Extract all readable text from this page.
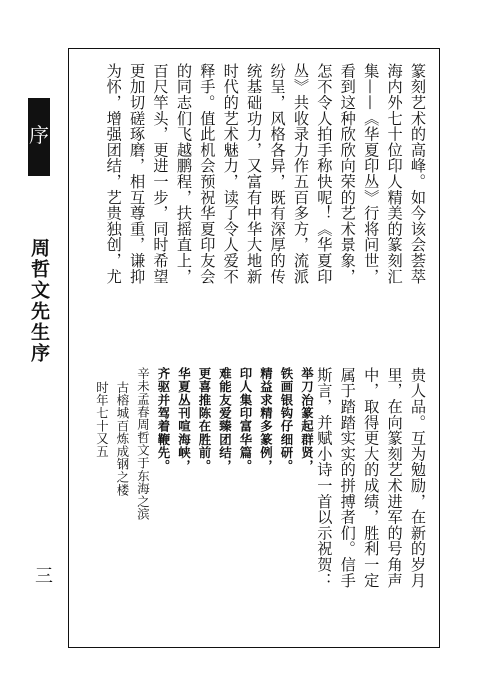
序
周哲文先生序
三

篆刻艺术的高峰。如今该会荟萃

海内外七十位印人精美的篆刻汇

集——《华夏印丛》行将问世，

看到这种欣欣向荣的艺术景象，

怎不令人拍手称快呢！《华夏印

丛》共收录力作五百多方，流派

纷呈，风格各异，既有深厚的传

统基础功力，又富有中华大地新

时代的艺术魅力，读了令人爱不

释手。值此机会预祝华夏印友会

的同志们飞越鹏程，扶摇直上，

百尺竿头，更进一步，同时希望

更加切磋琢磨，相互尊重，谦抑

为怀，增强团结，艺贵独创，尤

贵人品。互为勉励，在新的岁月

里，在向篆刻艺术进军的号角声

中，取得更大的成绩，胜利一定

属于踏踏实实的拼搏者们。信手

斯言，并赋小诗一首以示祝贺：

举刀治篆起群贤，
铁画银钩仔细研。
精益求精多篆例，
印人集印富华篇。
难能友爱臻团结，
更喜推陈在胜前。
华夏丛刊喧海峡，
齐驱并驾着鞭先。
辛未孟春周哲文于东海之滨
古榕城百炼成钢之楼
时年七十又五
